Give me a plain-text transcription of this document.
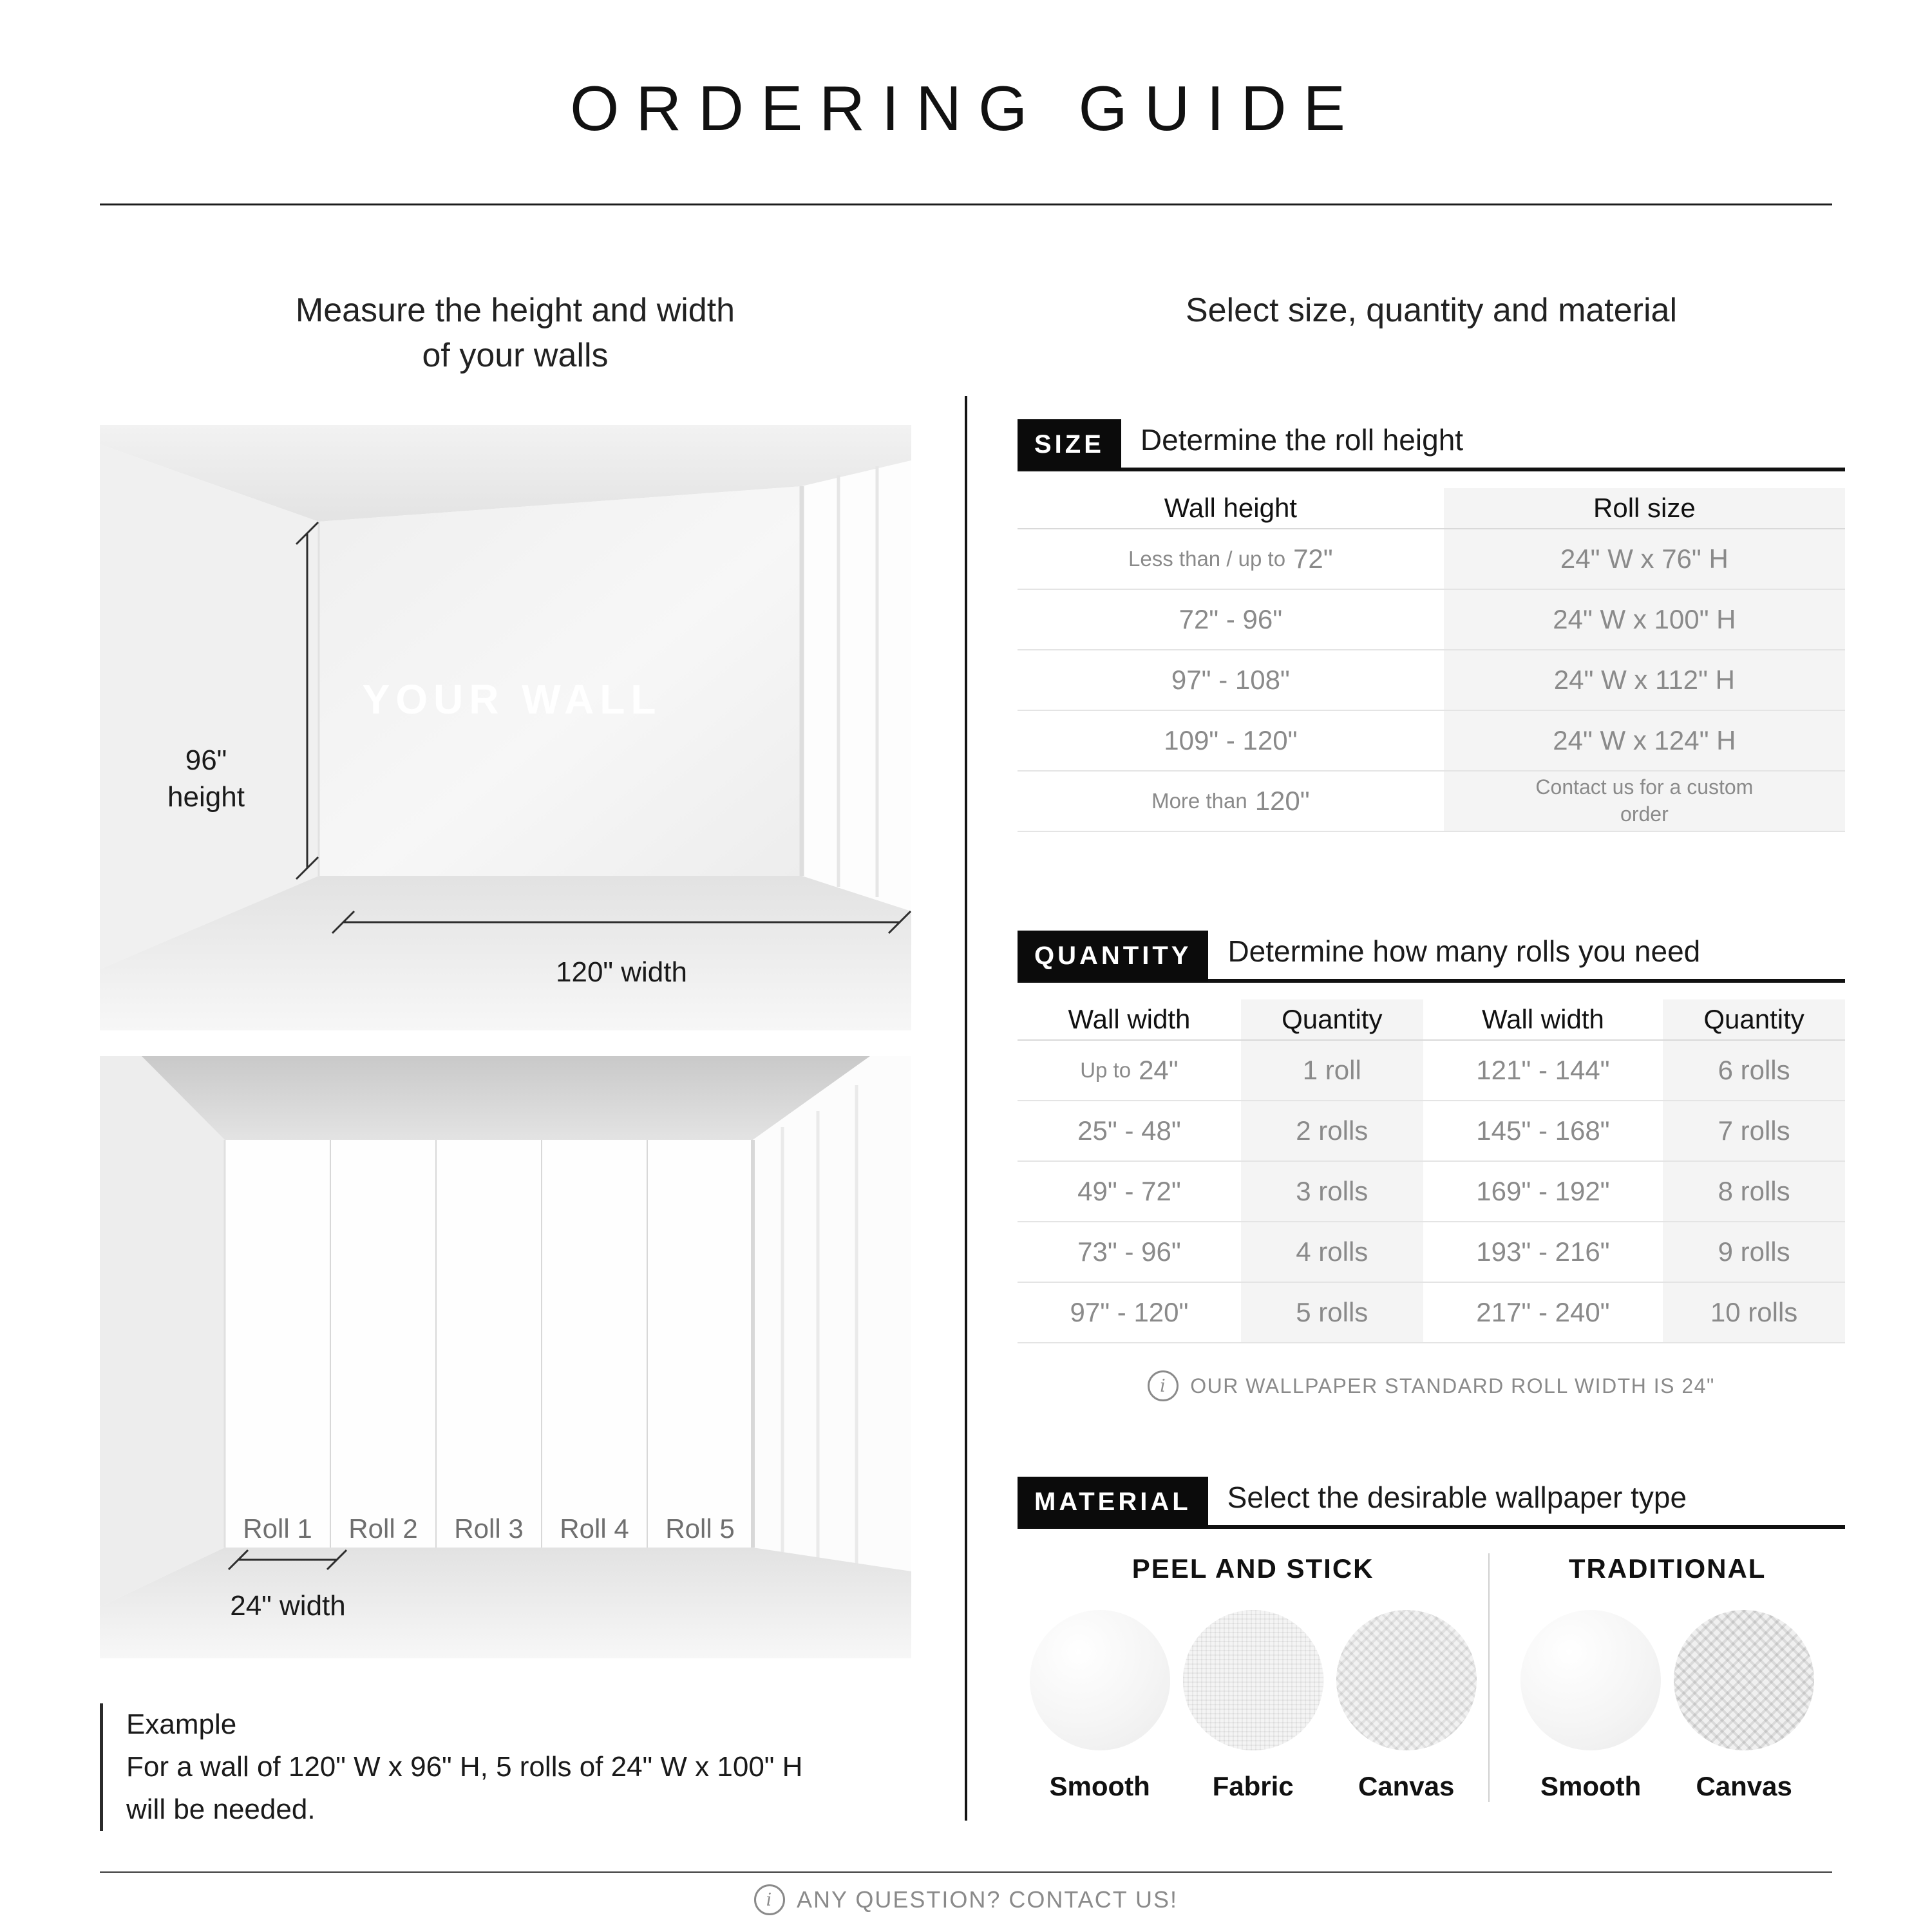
ORDERING GUIDE
Measure the height and width
of your walls
Select size, quantity and material
96"
height
YOUR WALL
120" width
Roll 1 Roll 2 Roll 3 Roll 4 Roll 5
24" width
Example
For a wall of 120" W x 96" H, 5 rolls of 24" W x 100" H
will be needed.
SIZE	Determine the roll height
Wall height	Roll size
Less than / up to 72"	24" W x 76" H
72" - 96"	24" W x 100" H
97" - 108"	24" W x 112" H
109" - 120"	24" W x 124" H
More than 120"	Contact us for a custom order
QUANTITY	Determine how many rolls you need
Wall width	Quantity	Wall width	Quantity
Up to 24"	1 roll	121" - 144"	6 rolls
25" - 48"	2 rolls	145" - 168"	7 rolls
49" - 72"	3 rolls	169" - 192"	8 rolls
73" - 96"	4 rolls	193" - 216"	9 rolls
97" - 120"	5 rolls	217" - 240"	10 rolls
i	OUR WALLPAPER STANDARD ROLL WIDTH IS 24"
MATERIAL	Select the desirable wallpaper type
PEEL AND STICK
Smooth Fabric Canvas
TRADITIONAL
Smooth Canvas
i	ANY QUESTION? CONTACT US!
